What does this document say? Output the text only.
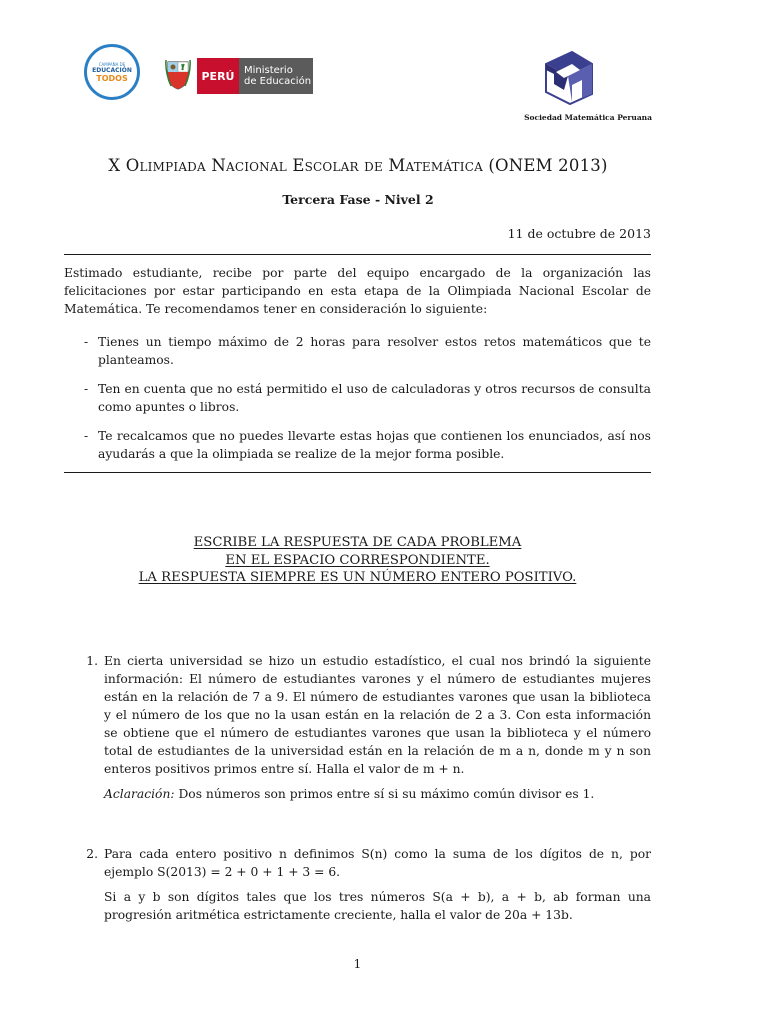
CAMPAÑA DE
EDUCACIÓN
TODOS	PERÚ Ministerio
de Educación
Sociedad Matemática Peruana
X Olimpiada Nacional Escolar de Matemática (ONEM 2013)
Tercera Fase - Nivel 2
11 de octubre de 2013
Estimado estudiante, recibe por parte del equipo encargado de la organización las felicitaciones por estar participando en esta etapa de la Olimpiada Nacional Escolar de Matemática. Te recomendamos tener en consideración lo siguiente:
- Tienes un tiempo máximo de 2 horas para resolver estos retos matemáticos que te planteamos.
- Ten en cuenta que no está permitido el uso de calculadoras y otros recursos de consulta como apuntes o libros.
- Te recalcamos que no puedes llevarte estas hojas que contienen los enunciados, así nos ayudarás a que la olimpiada se realize de la mejor forma posible.
ESCRIBE LA RESPUESTA DE CADA PROBLEMA
EN EL ESPACIO CORRESPONDIENTE.
LA RESPUESTA SIEMPRE ES UN NÚMERO ENTERO POSITIVO.
1. En cierta universidad se hizo un estudio estadístico, el cual nos brindó la siguiente información: El número de estudiantes varones y el número de estudiantes mujeres están en la relación de 7 a 9. El número de estudiantes varones que usan la biblioteca y el número de los que no la usan están en la relación de 2 a 3. Con esta información se obtiene que el número de estudiantes varones que usan la biblioteca y el número total de estudiantes de la universidad están en la relación de m a n, donde m y n son enteros positivos primos entre sí. Halla el valor de m + n.

Aclaración: Dos números son primos entre sí si su máximo común divisor es 1.

2. Para cada entero positivo n definimos S(n) como la suma de los dígitos de n, por ejemplo S(2013) = 2 + 0 + 1 + 3 = 6.

Si a y b son dígitos tales que los tres números S(a + b), a + b, ab forman una progresión aritmética estrictamente creciente, halla el valor de 20a + 13b.

1
